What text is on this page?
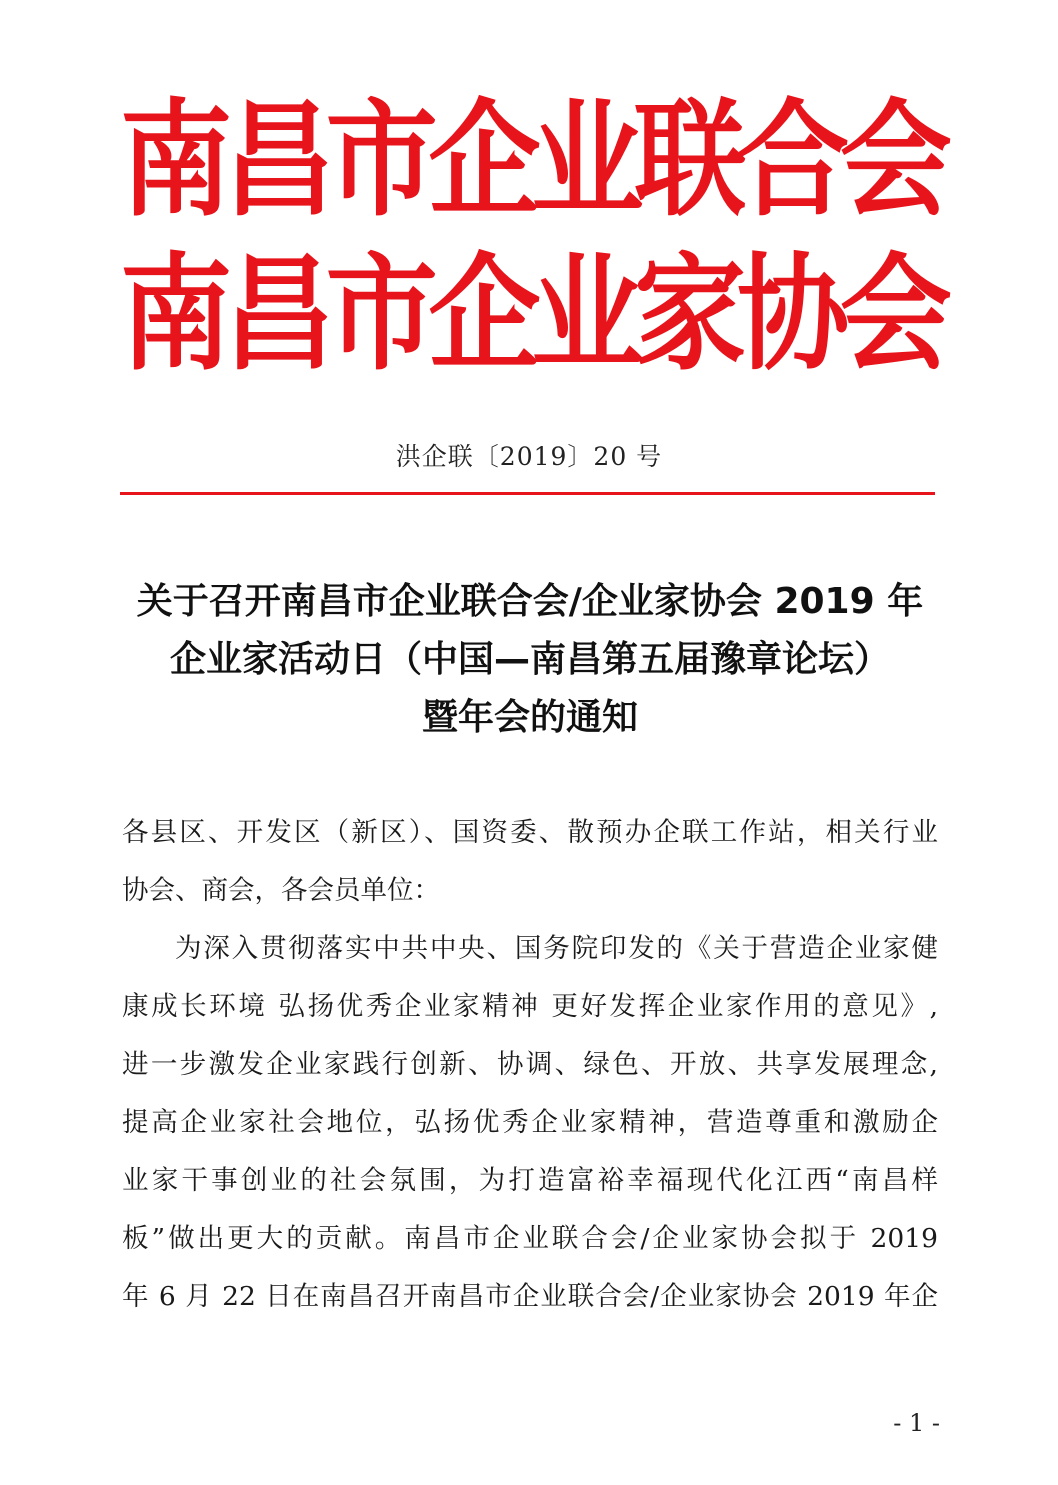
南
昌
市
企
业
联
合
会
南
昌
市
企
业
家
协
会
洪企联〔2019〕20 号
关于召开南昌市企业联合会/企业家协会 2019 年
企业家活动日（中国—南昌第五届豫章论坛）
暨年会的通知

各县区、开发区（新区）、国资委、散预办企联工作站，相关行业
协会、商会，各会员单位：

为深入贯彻落实中共中央、国务院印发的《关于营造企业家健
康成长环境 弘扬优秀企业家精神 更好发挥企业家作用的意见》,
进一步激发企业家践行创新、协调、绿色、开放、共享发展理念,
提高企业家社会地位，弘扬优秀企业家精神，营造尊重和激励企
业家干事创业的社会氛围，为打造富裕幸福现代化江西“南昌样
板”做出更大的贡献。南昌市企业联合会/企业家协会拟于 2019
年 6 月 22 日在南昌召开南昌市企业联合会/企业家协会 2019 年企

- 1 -
